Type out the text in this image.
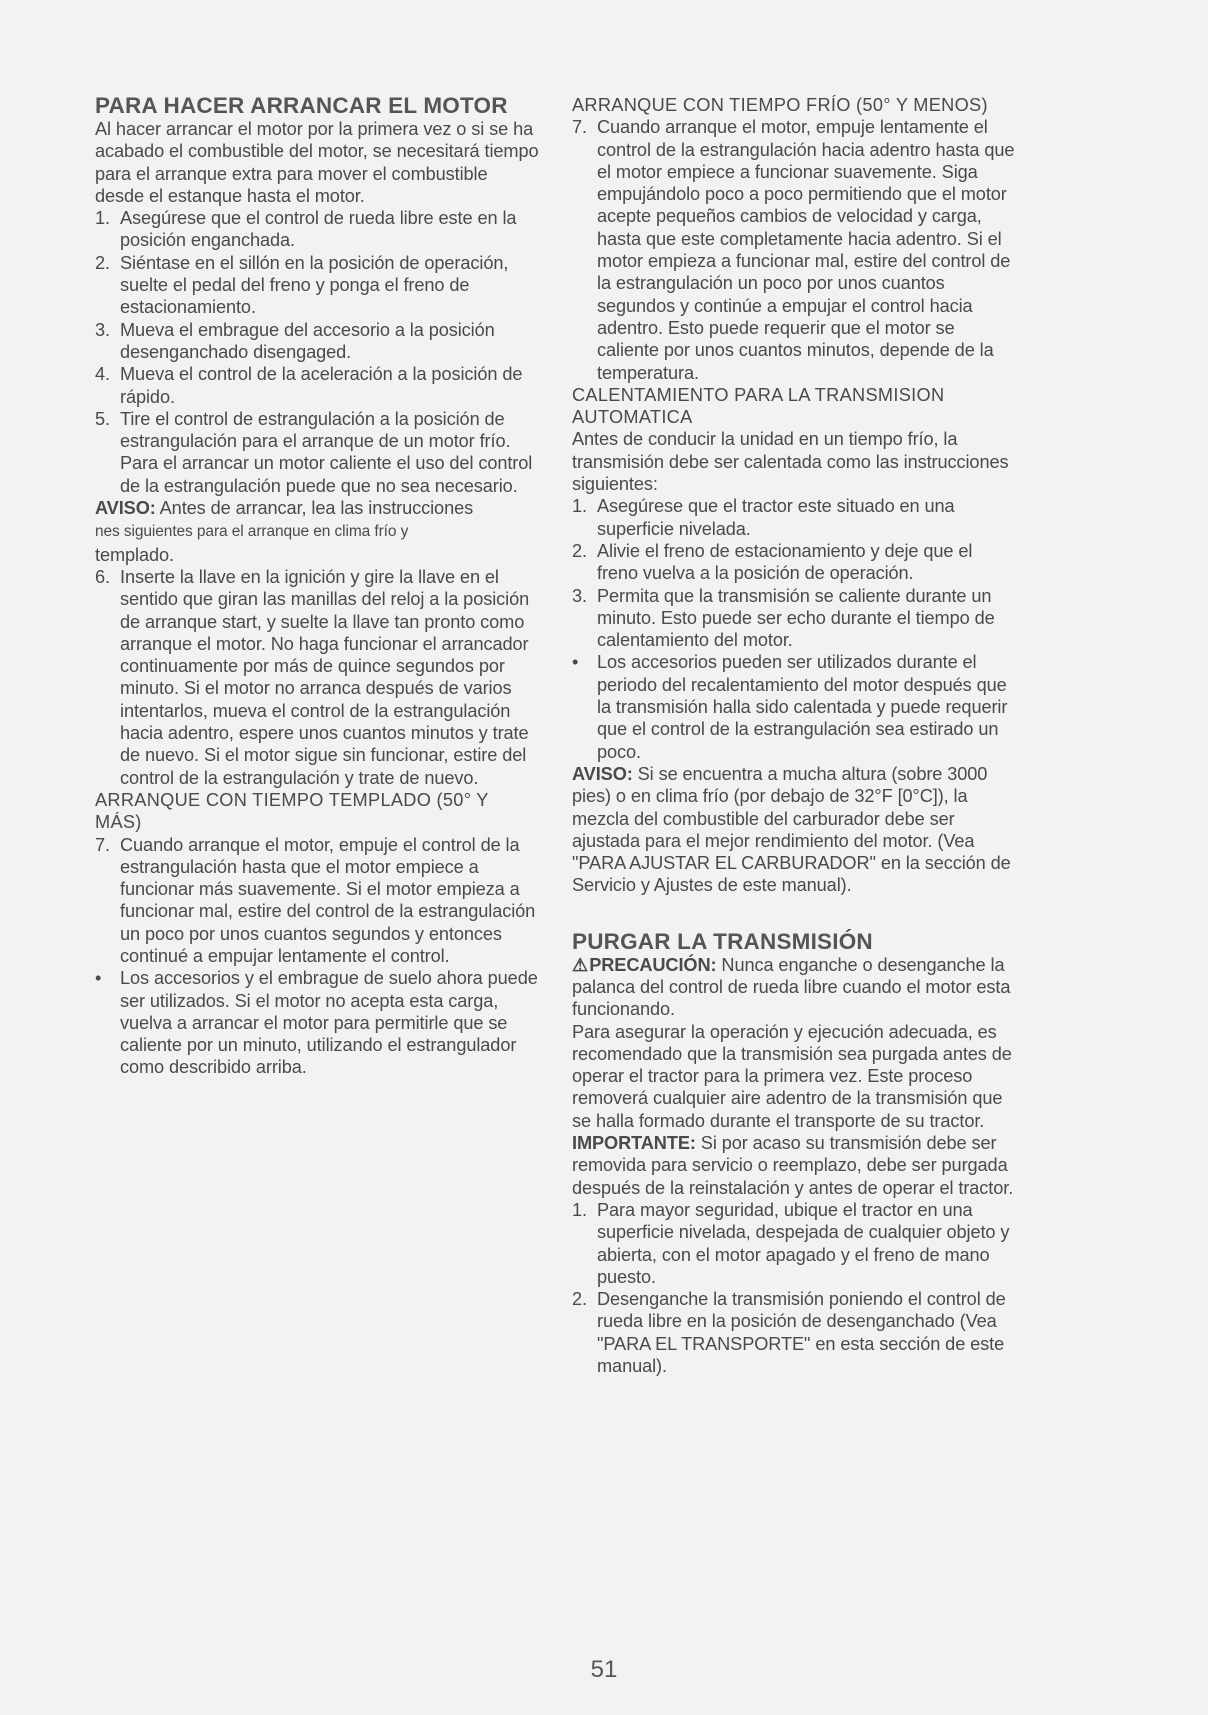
PARA HACER ARRANCAR EL MOTOR

Al hacer arrancar el motor por la primera vez o si se ha acabado el combustible del motor, se necesitará tiempo para el arranque extra para mover el combustible desde el estanque hasta el motor.

1. Asegúrese que el control de rueda libre este en la posición enganchada.
2. Siéntase en el sillón en la posición de operación, suelte el pedal del freno y ponga el freno de estacionamiento.
3. Mueva el embrague del accesorio a la posición desenganchado disengaged.
4. Mueva el control de la aceleración a la posición de rápido.
5. Tire el control de estrangulación a la posición de estrangulación para el arranque de un motor frío. Para el arrancar un motor caliente el uso del control de la estrangulación puede que no sea necesario.

AVISO: Antes de arrancar, lea las instrucciones
nes siguientes para el arranque en clima frío y
templado.

6. Inserte la llave en la ignición y gire la llave en el sentido que giran las manillas del reloj a la posición de arranque start, y suelte la llave tan pronto como arranque el motor. No haga funcionar el arrancador continuamente por más de quince segundos por minuto. Si el motor no arranca después de varios intentarlos, mueva el control de la estrangulación hacia adentro, espere unos cuantos minutos y trate de nuevo. Si el motor sigue sin funcionar, estire del control de la estrangulación y trate de nuevo.

ARRANQUE CON TIEMPO TEMPLADO (50° Y MÁS)

7. Cuando arranque el motor, empuje el control de la estrangulación hasta que el motor empiece a funcionar más suavemente. Si el motor empieza a funcionar mal, estire del control de la estrangulación un poco por unos cuantos segundos y entonces continué a empujar lentamente el control.
•	Los accesorios y el embrague de suelo ahora puede ser utilizados. Si el motor no acepta esta carga, vuelva a arrancar el motor para permitirle que se caliente por un minuto, utilizando el estrangulador como describido arriba.

ARRANQUE CON TIEMPO FRÍO (50° Y MENOS)

7. Cuando arranque el motor, empuje lentamente el control de la estrangulación hacia adentro hasta que el motor empiece a funcionar suavemente. Siga empujándolo poco a poco permitiendo que el motor acepte pequeños cambios de velocidad y carga, hasta que este completamente hacia adentro. Si el motor empieza a funcionar mal, estire del control de la estrangulación un poco por unos cuantos segundos y continúe a empujar el control hacia adentro. Esto puede requerir que el motor se caliente por unos cuantos minutos, depende de la temperatura.

CALENTAMIENTO PARA LA TRANSMISION AUTOMATICA

Antes de conducir la unidad en un tiempo frío, la transmisión debe ser calentada como las instrucciones siguientes:

1. Asegúrese que el tractor este situado en una superficie nivelada.
2. Alivie el freno de estacionamiento y deje que el freno vuelva a la posición de operación.
3. Permita que la transmisión se caliente durante un minuto. Esto puede ser echo durante el tiempo de calentamiento del motor.
•	Los accesorios pueden ser utilizados durante el periodo del recalentamiento del motor después que la transmisión halla sido calentada y puede requerir que el control de la estrangulación sea estirado un poco.

AVISO: Si se encuentra a mucha altura (sobre 3000 pies) o en clima frío (por debajo de 32°F [0°C]), la mezcla del combustible del carburador debe ser ajustada para el mejor rendimiento del motor. (Vea "PARA AJUSTAR EL CARBURADOR" en la sección de Servicio y Ajustes de este manual).

PURGAR LA TRANSMISIÓN

⚠PRECAUCIÓN: Nunca enganche o desenganche la palanca del control de rueda libre cuando el motor esta funcionando.

Para asegurar la operación y ejecución adecuada, es recomendado que la transmisión sea purgada antes de operar el tractor para la primera vez. Este proceso removerá cualquier aire adentro de la transmisión que se halla formado durante el transporte de su tractor.

IMPORTANTE: Si por acaso su transmisión debe ser removida para servicio o reemplazo, debe ser purgada después de la reinstalación y antes de operar el tractor.

1. Para mayor seguridad, ubique el tractor en una superficie nivelada, despejada de cualquier objeto y abierta, con el motor apagado y el freno de mano puesto.
2. Desenganche la transmisión poniendo el control de rueda libre en la posición de desenganchado (Vea "PARA EL TRANSPORTE" en esta sección de este manual).
51
